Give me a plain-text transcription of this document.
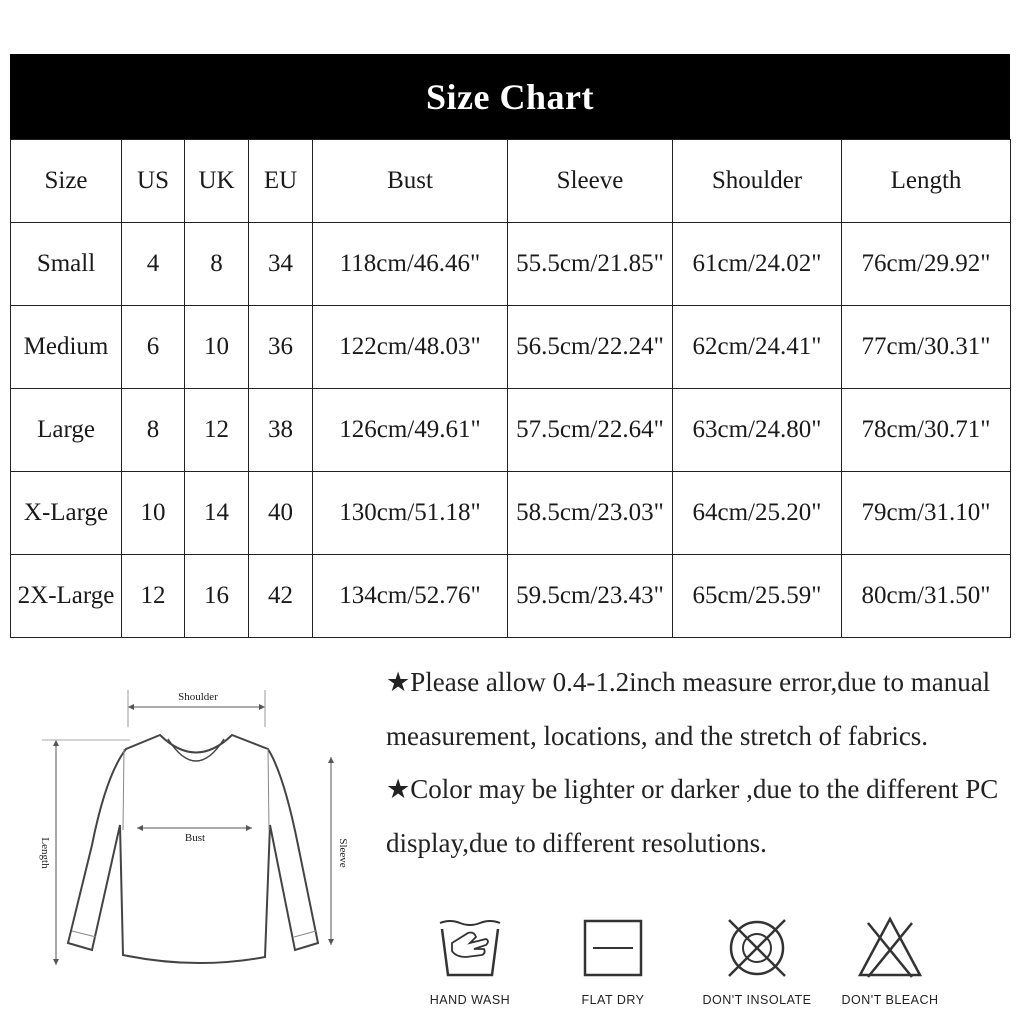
Size Chart
Size	US	UK	EU	Bust	Sleeve	Shoulder	Length
Small	4	8	34	118cm/46.46"	55.5cm/21.85"	61cm/24.02"	76cm/29.92"
Medium	6	10	36	122cm/48.03"	56.5cm/22.24"	62cm/24.41"	77cm/30.31"
Large	8	12	38	126cm/49.61"	57.5cm/22.64"	63cm/24.80"	78cm/30.71"
X-Large	10	14	40	130cm/51.18"	58.5cm/23.03"	64cm/25.20"	79cm/31.10"
2X-Large	12	16	42	134cm/52.76"	59.5cm/23.43"	65cm/25.59"	80cm/31.50"
Shoulder
Bust
Length	Sleeve

★Please allow 0.4-1.2inch measure error,due to manual measurement, locations, and the stretch of fabrics.

★Color may be lighter or darker ,due to the different PC display,due to different resolutions.

HAND WASH	FLAT DRY	DON'T INSOLATE	DON'T BLEACH
